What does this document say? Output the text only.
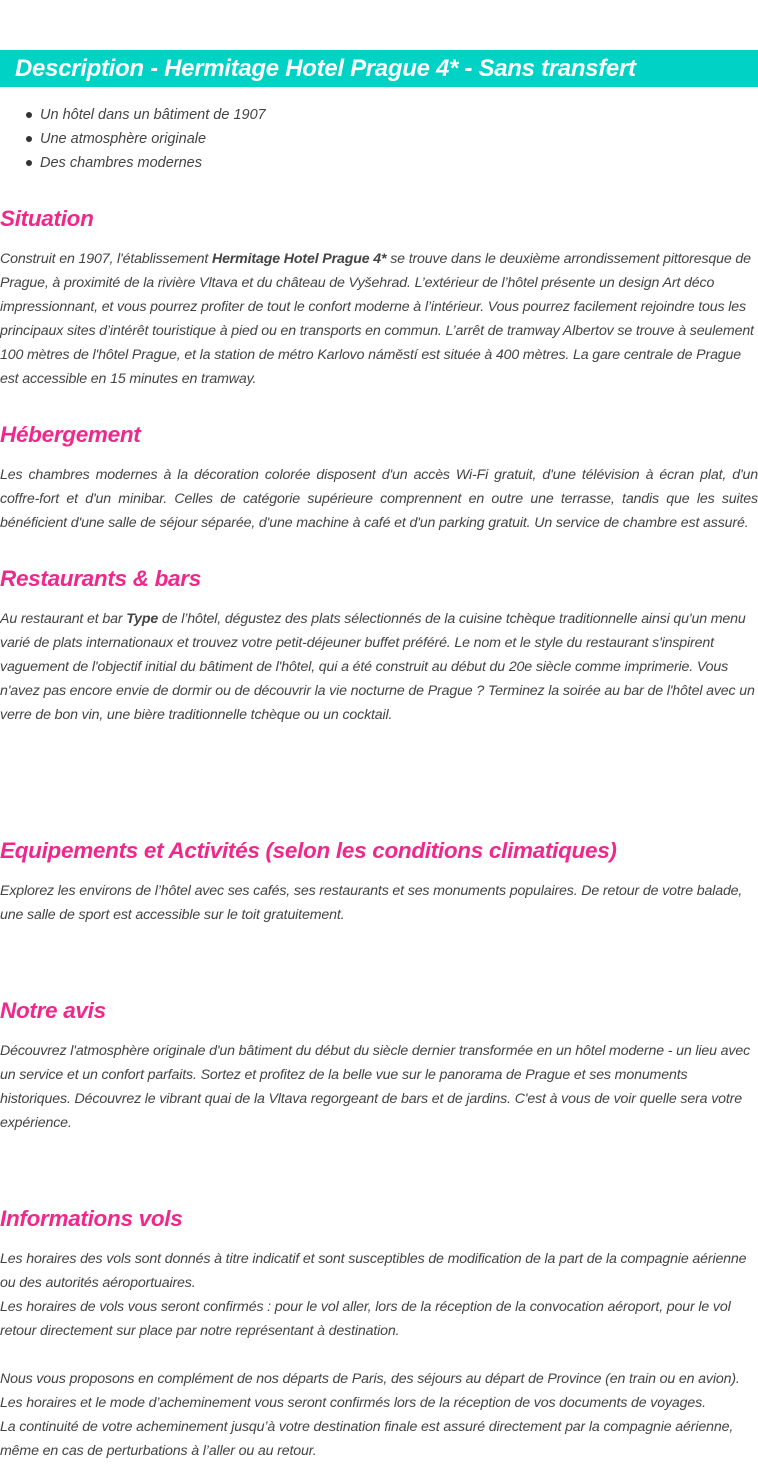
Description - Hermitage Hotel Prague 4* - Sans transfert
Un hôtel dans un bâtiment de 1907
Une atmosphère originale
Des chambres modernes
Situation

Construit en 1907, l'établissement Hermitage Hotel Prague 4* se trouve dans le deuxième arrondissement pittoresque de Prague, à proximité de la rivière Vltava et du château de Vyšehrad. L’extérieur de l’hôtel présente un design Art déco impressionnant, et vous pourrez profiter de tout le confort moderne à l’intérieur. Vous pourrez facilement rejoindre tous les principaux sites d’intérêt touristique à pied ou en transports en commun. L’arrêt de tramway Albertov se trouve à seulement 100 mètres de l'hôtel Prague, et la station de métro Karlovo náměstí est située à 400 mètres. La gare centrale de Prague est accessible en 15 minutes en tramway.

Hébergement

Les chambres modernes à la décoration colorée disposent d'un accès Wi-Fi gratuit, d'une télévision à écran plat, d'un coffre-fort et d'un minibar. Celles de catégorie supérieure comprennent en outre une terrasse, tandis que les suites bénéficient d'une salle de séjour séparée, d'une machine à café et d'un parking gratuit. Un service de chambre est assuré.

Restaurants & bars

Au restaurant et bar Type de l’hôtel, dégustez des plats sélectionnés de la cuisine tchèque traditionnelle ainsi qu'un menu varié de plats internationaux et trouvez votre petit-déjeuner buffet préféré. Le nom et le style du restaurant s'inspirent vaguement de l'objectif initial du bâtiment de l'hôtel, qui a été construit au début du 20e siècle comme imprimerie. Vous n'avez pas encore envie de dormir ou de découvrir la vie nocturne de Prague ? Terminez la soirée au bar de l'hôtel avec un verre de bon vin, une bière traditionnelle tchèque ou un cocktail.

Equipements et Activités (selon les conditions climatiques)

Explorez les environs de l’hôtel avec ses cafés, ses restaurants et ses monuments populaires. De retour de votre balade, une salle de sport est accessible sur le toit gratuitement.

Notre avis

Découvrez l'atmosphère originale d'un bâtiment du début du siècle dernier transformée en un hôtel moderne - un lieu avec un service et un confort parfaits. Sortez et profitez de la belle vue sur le panorama de Prague et ses monuments historiques. Découvrez le vibrant quai de la Vltava regorgeant de bars et de jardins. C'est à vous de voir quelle sera votre expérience.

Informations vols

Les horaires des vols sont donnés à titre indicatif et sont susceptibles de modification de la part de la compagnie aérienne ou des autorités aéroportuaires.
Les horaires de vols vous seront confirmés : pour le vol aller, lors de la réception de la convocation aéroport, pour le vol retour directement sur place par notre représentant à destination.

Nous vous proposons en complément de nos départs de Paris, des séjours au départ de Province (en train ou en avion).
Les horaires et le mode d’acheminement vous seront confirmés lors de la réception de vos documents de voyages.
La continuité de votre acheminement jusqu’à votre destination finale est assuré directement par la compagnie aérienne, même en cas de perturbations à l’aller ou au retour.
